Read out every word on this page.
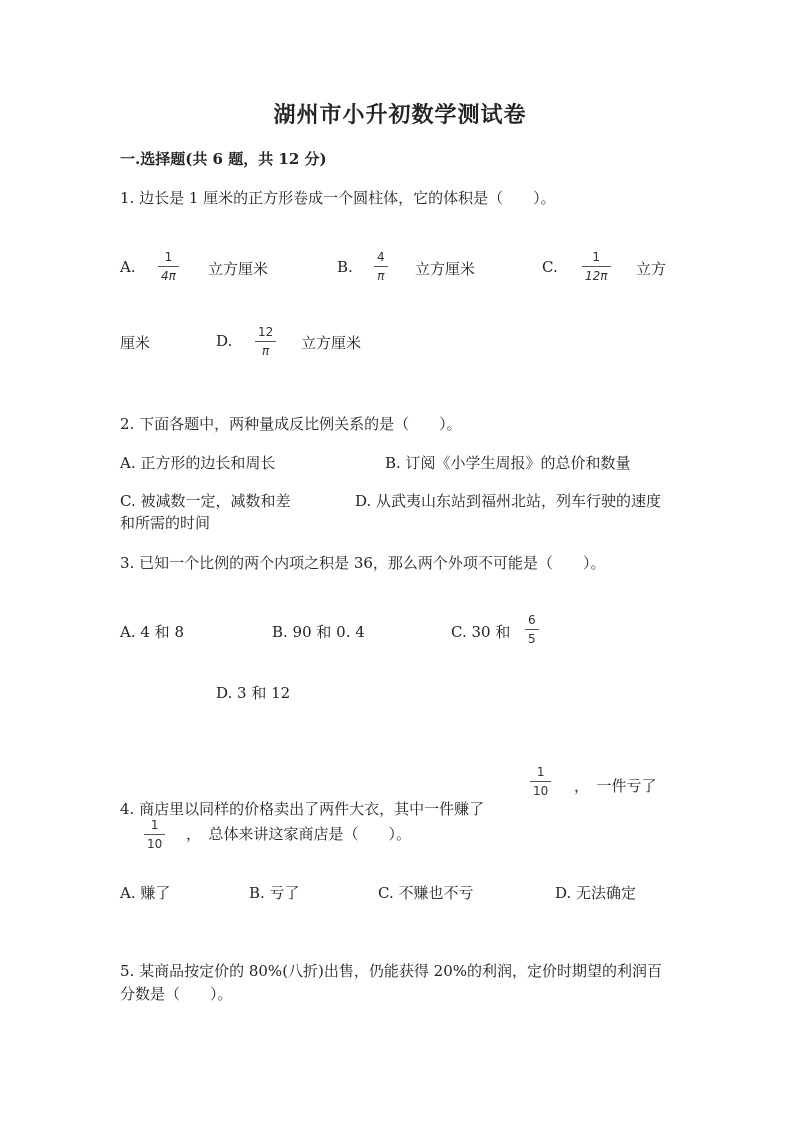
湖州市小升初数学测试卷
一.选择题(共 6 题，共 12 分)
1. 边长是 1 厘米的正方形卷成一个圆柱体，它的体积是（　　）。
A.
1
4π 立方厘米	B.
4
π 立方厘米	C.
1
12π 立方
厘米	D. 12
π 立方厘米
2. 下面各题中，两种量成反比例关系的是（　　）。
A. 正方形的边长和周长	B. 订阅《小学生周报》的总价和数量
C. 被减数一定，减数和差	D. 从武夷山东站到福州北站，列车行驶的速度
和所需的时间
3. 已知一个比例的两个内项之积是 36，那么两个外项不可能是（　　）。
A. 4 和 8	B. 90 和 0. 4	C. 30 和
6
5
D. 3 和 12
4. 商店里以同样的价格卖出了两件大衣，其中一件赚了
1
10 ，　一件亏了
1
10
，　总体来讲这家商店是（　　）。
A. 赚了	B. 亏了	C. 不赚也不亏	D. 无法确定
5. 某商品按定价的 80%(八折)出售，仍能获得 20%的利润，定价时期望的利润百
分数是（　　）。
